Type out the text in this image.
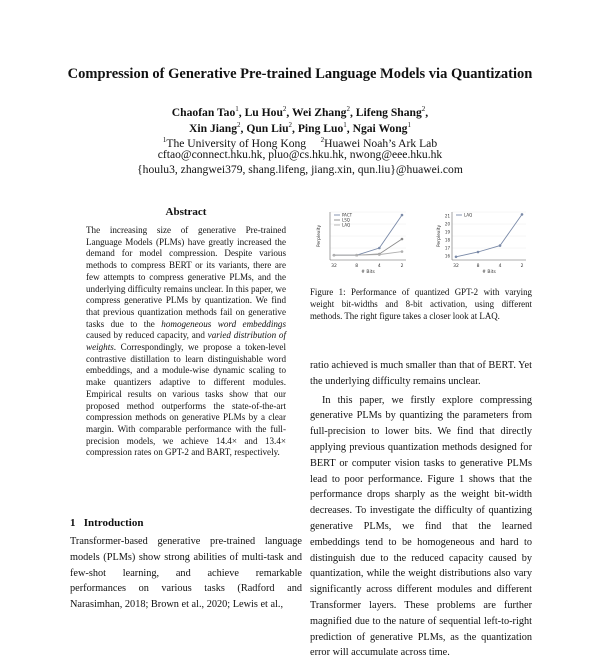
Compression of Generative Pre-trained Language Models via Quantization
Chaofan Tao$^1$, Lu Hou$^2$, Wei Zhang$^2$, Lifeng Shang$^2$,
Xin Jiang$^2$, Qun Liu$^2$, Ping Luo$^1$, Ngai Wong$^1$
$^1$The University of Hong Kong $^2$Huawei Noah’s Ark Lab
cftao@connect.hku.hk, pluo@cs.hku.hk, nwong@eee.hku.hk
{houlu3, zhangwei379, shang.lifeng, jiang.xin, qun.liu}@huawei.com
Abstract
The increasing size of generative Pre-trained Language Models (PLMs) have greatly increased the demand for model compression. Despite various methods to compress BERT or its variants, there are few attempts to compress generative PLMs, and the underlying difficulty remains unclear. In this paper, we compress generative PLMs by quantization. We find that previous quantization methods fail on generative tasks due to the homogeneous word embeddings caused by reduced capacity, and varied distribution of weights. Correspondingly, we propose a token-level contrastive distillation to learn distinguishable word embeddings, and a module-wise dynamic scaling to make quantizers adaptive to different modules. Empirical results on various tasks show that our proposed method outperforms the state-of-the-art compression methods on generative PLMs by a clear margin. With comparable performance with the full-precision models, we achieve 14.4× and 13.4× compression rates on GPT-2 and BART, respectively.
1 Introduction
Transformer-based generative pre-trained language models (PLMs) show strong abilities of multi-task and few-shot learning, and achieve remarkable performances on various tasks (Radford and Narasimhan, 2018; Brown et al., 2020; Lewis et al.,
32	8	4	2
# Bits
Perplexity
PACT
LSQ
LAQ
32	8	4	2
16
17
18
19
20
21
# Bits
Perplexity
LAQ
Figure 1: Performance of quantized GPT-2 with varying weight bit-widths and 8-bit activation, using different methods. The right figure takes a closer look at LAQ.

ratio achieved is much smaller than that of BERT. Yet the underlying difficulty remains unclear.

In this paper, we firstly explore compressing generative PLMs by quantizing the parameters from full-precision to lower bits. We find that directly applying previous quantization methods designed for BERT or computer vision tasks to generative PLMs lead to poor performance. Figure 1 shows that the performance drops sharply as the weight bit-width decreases. To investigate the difficulty of quantizing generative PLMs, we find that the learned embeddings tend to be homogeneous and hard to distinguish due to the reduced capacity caused by quantization, while the weight distributions also vary significantly across different modules and different Transformer layers. These problems are further magnified due to the nature of sequential left-to-right prediction of generative PLMs, as the quantization error will accumulate across time.
